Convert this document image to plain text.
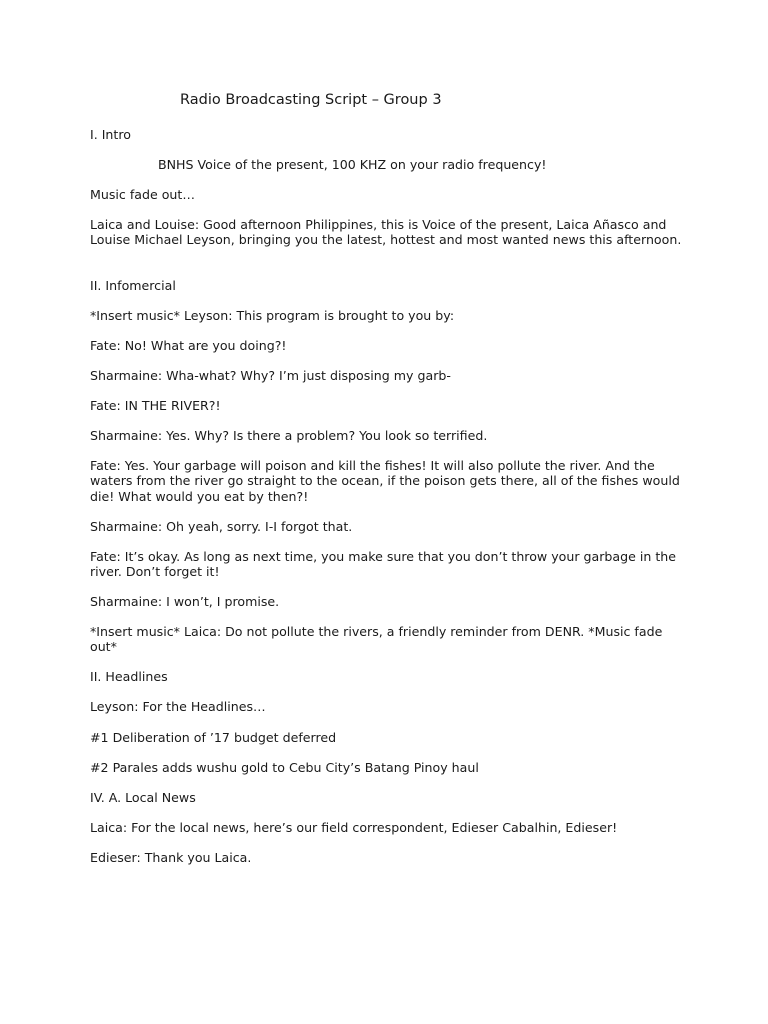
Radio Broadcasting Script – Group 3
I. Intro
BNHS Voice of the present, 100 KHZ on your radio frequency!
Music fade out…
Laica and Louise: Good afternoon Philippines, this is Voice of the present, Laica Añasco and Louise Michael Leyson, bringing you the latest, hottest and most wanted news this afternoon.
II. Infomercial
*Insert music* Leyson: This program is brought to you by:
Fate: No! What are you doing?!
Sharmaine: Wha-what? Why? I’m just disposing my garb-
Fate: IN THE RIVER?!
Sharmaine: Yes. Why? Is there a problem? You look so terrified.
Fate: Yes. Your garbage will poison and kill the fishes! It will also pollute the river. And the waters from the river go straight to the ocean, if the poison gets there, all of the fishes would die! What would you eat by then?!
Sharmaine: Oh yeah, sorry. I-I forgot that.
Fate: It’s okay. As long as next time, you make sure that you don’t throw your garbage in the river. Don’t forget it!
Sharmaine: I won’t, I promise.
*Insert music* Laica: Do not pollute the rivers, a friendly reminder from DENR. *Music fade out*
II. Headlines
Leyson: For the Headlines…
#1 Deliberation of ’17 budget deferred
#2 Parales adds wushu gold to Cebu City’s Batang Pinoy haul
IV. A. Local News
Laica: For the local news, here’s our field correspondent, Edieser Cabalhin, Edieser!
Edieser: Thank you Laica.
